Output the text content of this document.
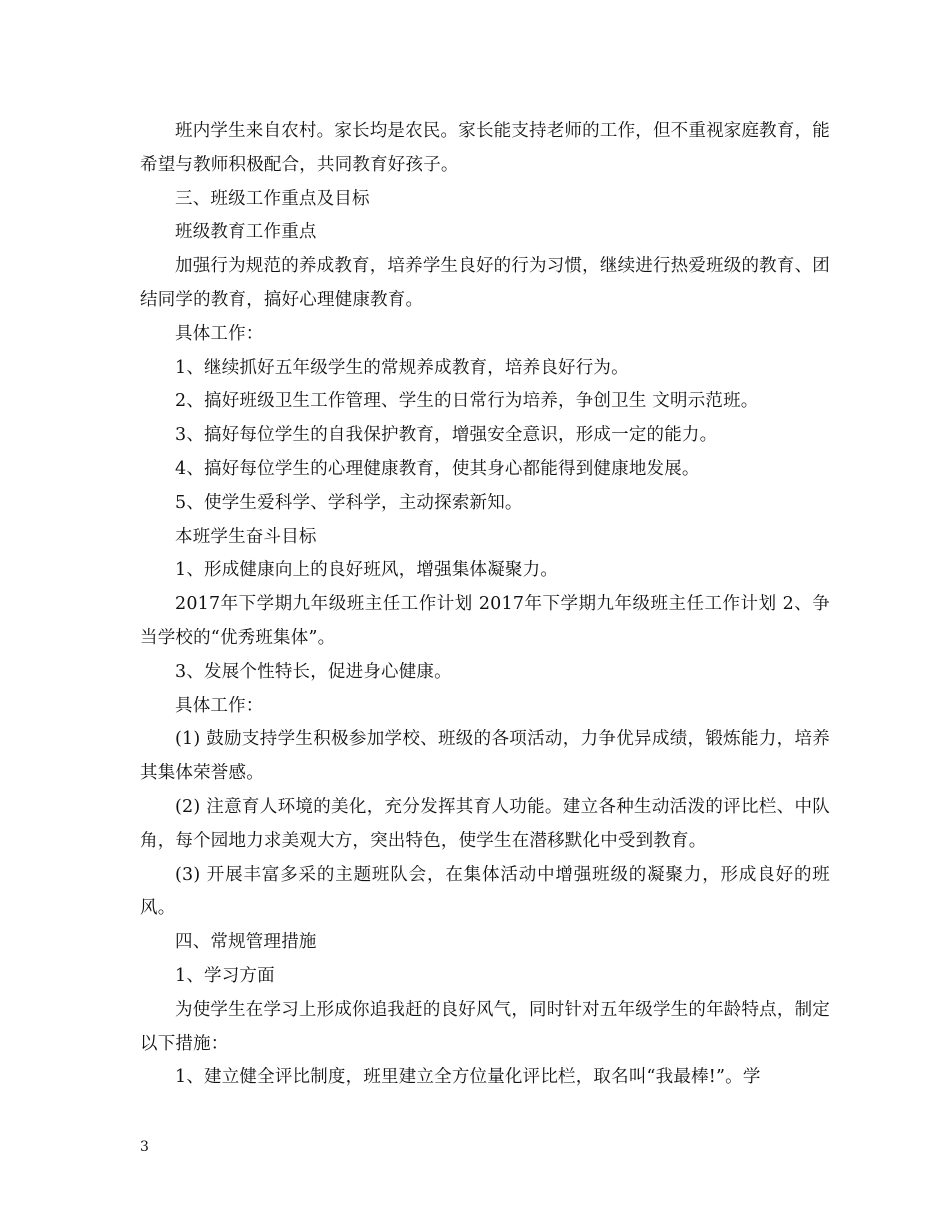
班内学生来自农村。家长均是农民。家长能支持老师的工作，但不重视家庭教育，能希望与教师积极配合，共同教育好孩子。

三、班级工作重点及目标

班级教育工作重点

加强行为规范的养成教育，培养学生良好的行为习惯，继续进行热爱班级的教育、团结同学的教育，搞好心理健康教育。

具体工作：

1、继续抓好五年级学生的常规养成教育，培养良好行为。

2、搞好班级卫生工作管理、学生的日常行为培养，争创卫生 文明示范班。

3、搞好每位学生的自我保护教育，增强安全意识，形成一定的能力。

4、搞好每位学生的心理健康教育，使其身心都能得到健康地发展。

5、使学生爱科学、学科学，主动探索新知。

本班学生奋斗目标

1、形成健康向上的良好班风，增强集体凝聚力。

2017年下学期九年级班主任工作计划 2017年下学期九年级班主任工作计划 2、争当学校的“优秀班集体”。

3、发展个性特长，促进身心健康。

具体工作：

(1) 鼓励支持学生积极参加学校、班级的各项活动，力争优异成绩，锻炼能力，培养其集体荣誉感。

(2) 注意育人环境的美化，充分发挥其育人功能。建立各种生动活泼的评比栏、中队角，每个园地力求美观大方，突出特色，使学生在潜移默化中受到教育。

(3) 开展丰富多采的主题班队会，在集体活动中增强班级的凝聚力，形成良好的班风。

四、常规管理措施

1、学习方面

为使学生在学习上形成你追我赶的良好风气，同时针对五年级学生的年龄特点，制定以下措施：

1、建立健全评比制度，班里建立全方位量化评比栏，取名叫“我最棒!”。学

3
